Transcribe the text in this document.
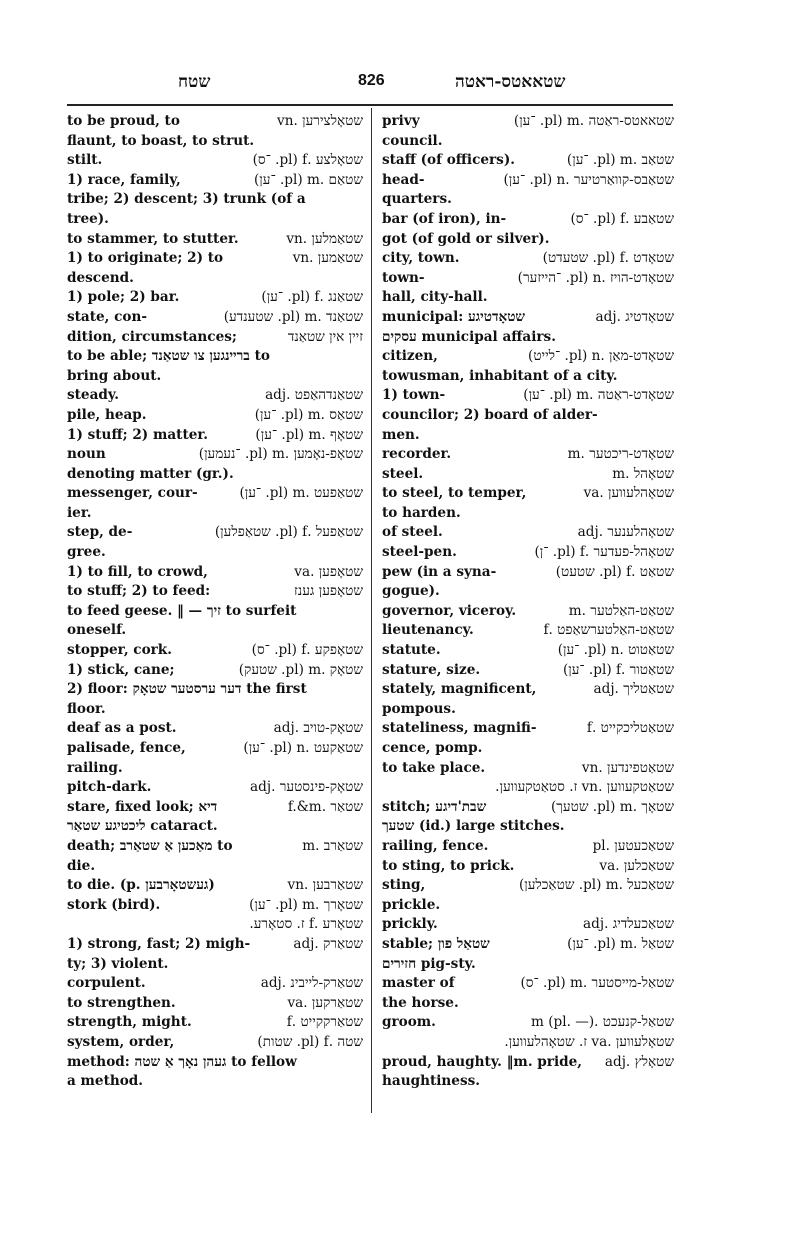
שטח	826	שטאאטס-ראטה
to be proud, to	שטאָלצירען .vn
flaunt, to boast, to strut.
stilt.	שטאָלצע .f (pl. ־ס)
1) race, family,	שטאַם .m (pl. ־ען)
tribe; 2) descent; 3) trunk (of a
tree).
to stammer, to stutter.	שטאַמלען .vn
1) to originate; 2) to	שטאַמען .vn
descend.
1) pole; 2) bar.	שטאַנג .f (pl. ־ען)
state, con-	שטאַנד .m (pl. שטענדע)
dition, circumstances;	זיין אין שטאַנד
to be able; בריינגען צו שטאַנד to
bring about.
steady.	שטאַנדהאַפט .adj
pile, heap.	שטאַס .m (pl. ־ען)
1) stuff; 2) matter.	שטאָף .m (pl. ־ען)
noun	שטאָפ-נאָמען .m (pl. ־נעמען)
denoting matter (gr.).
messenger, cour-	שטאַפעט .m (pl. ־ען)
ier.
step, de-	שטאַפעל .f (pl. שטאַפלען)
gree.
1) to fill, to crowd,	שטאָפען .va
to stuff; 2) to feed:	שטאָפען גענז
to feed geese. ‖ — זיך to surfeit
oneself.
stopper, cork.	שטאָפקע .f (pl. ־ס)
1) stick, cane;	שטאָק .m (pl. שטעק)
2) floor: דער ערסטער שטאָק the first
floor.
deaf as a post.	שטאָק-טויב .adj
palisade, fence,	שטאַקעט .n (pl. ־ען)
railing.
pitch-dark.	שטאָק-פינסטער .adj
stare, fixed look; דיא	שטאַר .f.&m
ליכטיגע שטאַר cataract.
death; מאַכען אַ שטאַרב to	שטאַרב .m
die.
to die. (p. געשטאָרבען)	שטאַרבען .vn
stork (bird).	שטאָרך .m (pl. ־ען)
שטאָרע .f ז. סטאָרע.
1) strong, fast; 2) migh-	שטאַרק .adj
ty; 3) violent.
corpulent.	שטאַרק-לייבינ .adj
to strengthen.	שטאַרקען .va
strength, might.	שטאַרקקייט .f
system, order,	שטה .f (pl. שטות)
method: געהן נאָך אַ שטה to fellow
a method.
privy	שטאאטס-ראַטה .m (pl. ־ען)
council.
staff (of officers).	שטאַב .m (pl. ־ען)
head-	שטאַבס-קוואַרטיער .n (pl. ־ען)
quarters.
bar (of iron), in-	שטאַבע .f (pl. ־ס)
got (of gold or silver).
city, town.	שטאָדט .f (pl. שטעדט)
town-	שטאָדט-הויז .n (pl. ־הייזער)
hall, city-hall.
municipal: שטאָדטיגע	שטאָדטיג .adj
עסקים municipal affairs.
citizen,	שטאָדט-מאַן .n (pl. ־לייט)
towusman, inhabitant of a city.
1) town-	שטאָדט-ראַטה .m (pl. ־ען)
councilor; 2) board of alder-
men.
recorder.	שטאָדט-ריכטער .m
steel.	שטאָהל .m
to steel, to temper,	שטאָהלעווען .va
to harden.
of steel.	שטאָהלענער .adj
steel-pen.	שטאָהל-פעדער .f (pl. ־ן)
pew (in a syna-	שטאַט .f (pl. שטעט)
gogue).
governor, viceroy.	שטאַט-האַלטער .m
lieutenancy.	שטאַט-האַלטערשאַפט .f
statute.	שטאַטוט .n (pl. ־ען)
stature, size.	שטאַטור .f (pl. ־ען)
stately, magnificent,	שטאַטליך .adj
pompous.
stateliness, magnifi-	שטאַטליכקייט .f
cence, pomp.
to take place.	שטאַטפינדען .vn
שטאַטקעווען .vn ז. סטאַטקעווען.
stitch; שבת'דיגע	שטאָך .m (pl. שטעך)
שטעך (id.) large stitches.
railing, fence.	שטאַכעטען .pl
to sting, to prick.	שטאַכלען .va
sting,	שטאַכעל .m (pl. שטאַכלען)
prickle.
prickly.	שטאַכעלדיג .adj
stable; שטאַל פון	שטאַל .m (pl. ־ען)
חזירים pig-sty.
master of	שטאַל-מייסטער .m (pl. ־ס)
the horse.
groom.	שטאַל-קנעכט .m (pl. —)
שטאָלעווען .va ז. שטאָהלעווען.
proud, haughty. ‖m. pride, שטאָלץ .adj
haughtiness.
